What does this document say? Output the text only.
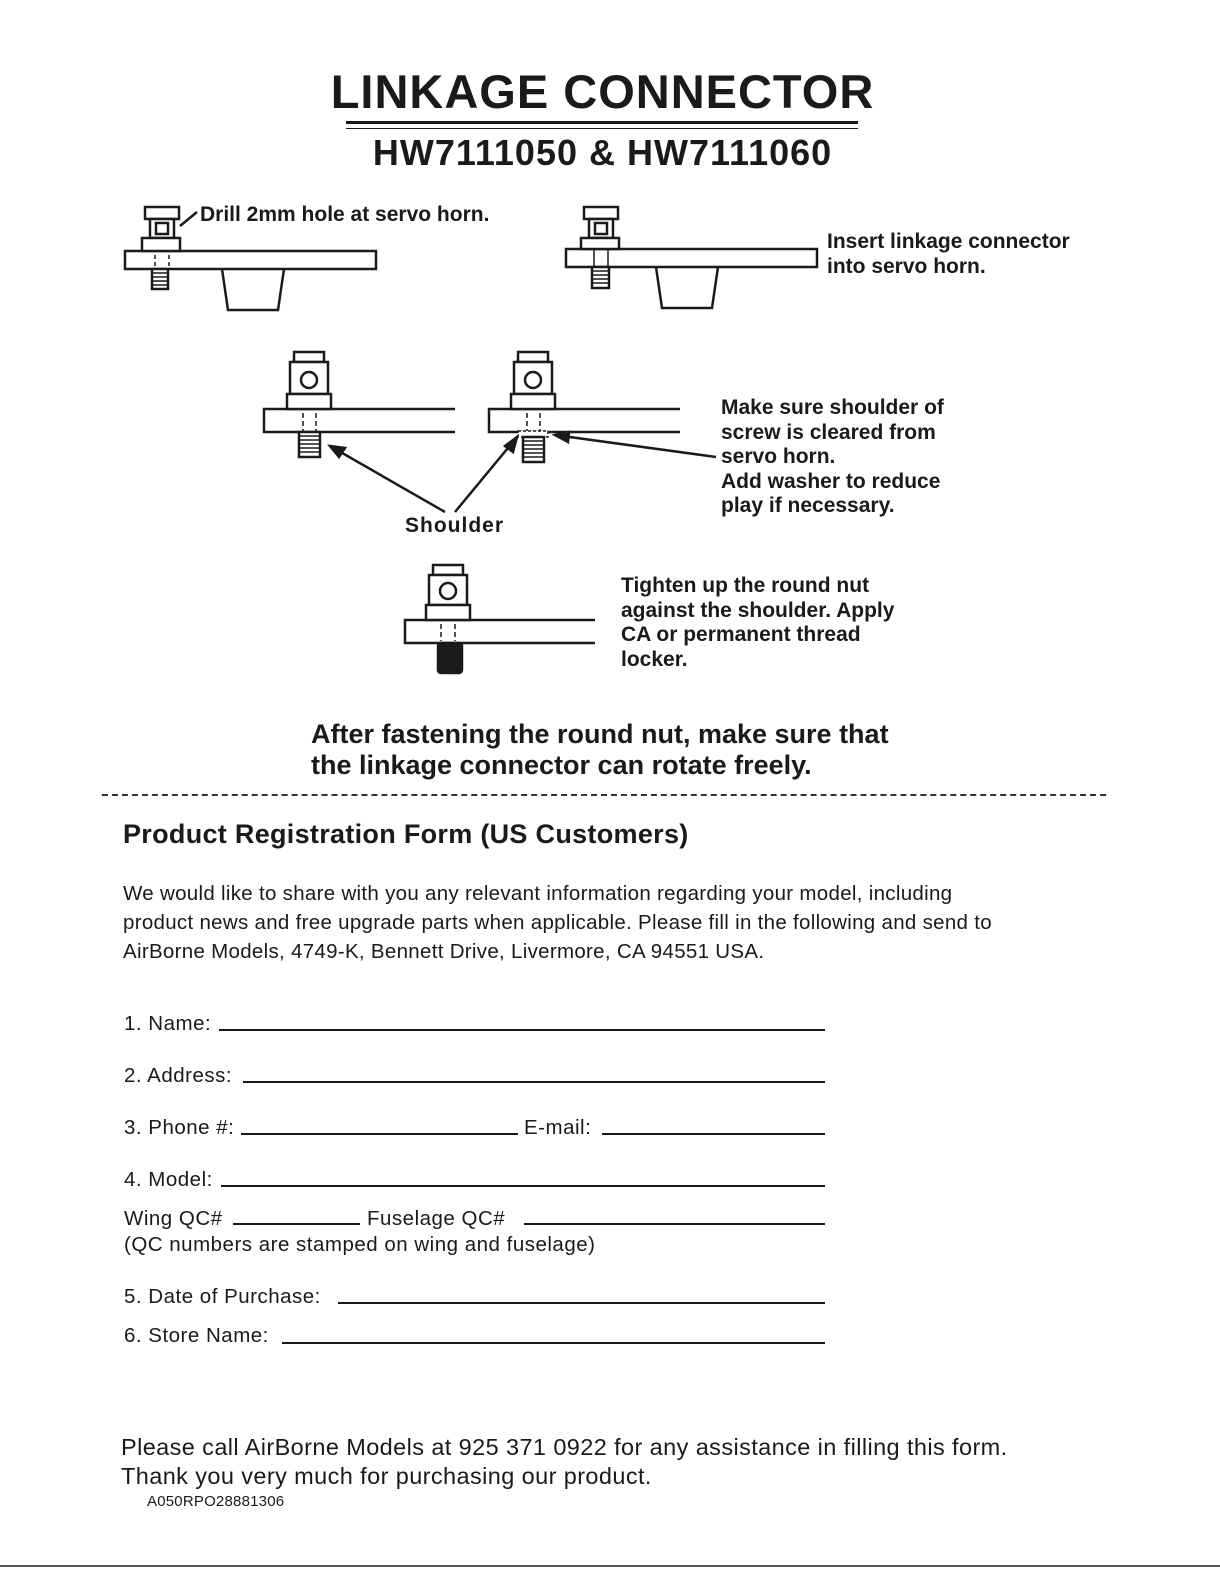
LINKAGE CONNECTOR
HW7111050 & HW7111060
Drill 2mm hole at servo horn.
Insert linkage connector
into servo horn.
Make sure shoulder of
screw is cleared from
servo horn.
Add washer to reduce
play if necessary.
Shoulder
Tighten up the round nut
against the shoulder. Apply
CA or permanent thread
locker.
After fastening the round nut, make sure that
the linkage connector can rotate freely.
Product Registration Form (US Customers)
We would like to share with you any relevant information regarding your model, including
product news and free upgrade parts when applicable. Please fill in the following and send to
AirBorne Models, 4749-K, Bennett Drive, Livermore, CA 94551 USA.
1. Name:
2. Address:
3. Phone #:	E-mail:
4. Model:
Wing QC#	Fuselage QC#
(QC numbers are stamped on wing and fuselage)
5. Date of Purchase:
6. Store Name:
Please call AirBorne Models at 925 371 0922 for any assistance in filling this form.
Thank you very much for purchasing our product.
A050RPO28881306
